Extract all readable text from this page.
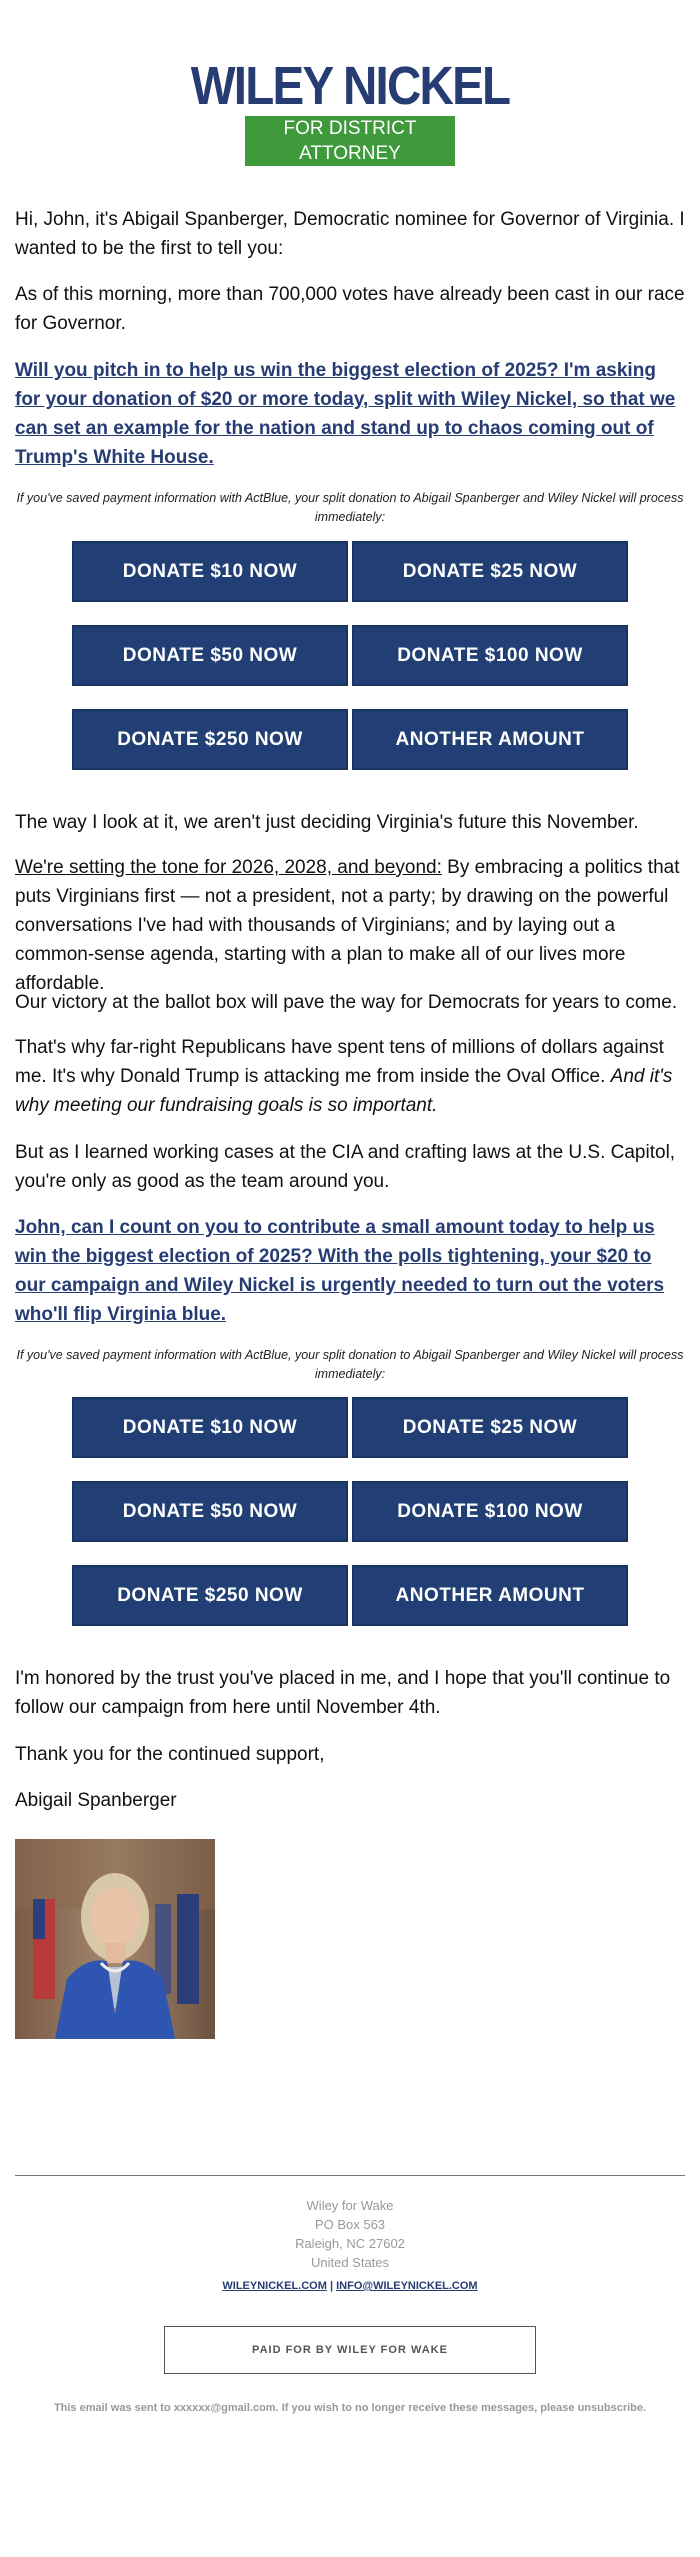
WILEY NICKEL
FOR DISTRICT ATTORNEY

Hi, John, it's Abigail Spanberger, Democratic nominee for Governor of Virginia. I wanted to be the first to tell you:

As of this morning, more than 700,000 votes have already been cast in our race for Governor.

Will you pitch in to help us win the biggest election of 2025? I'm asking for your donation of $20 or more today, split with Wiley Nickel, so that we can set an example for the nation and stand up to chaos coming out of Trump's White House.

If you've saved payment information with ActBlue, your split donation to Abigail Spanberger and Wiley Nickel will process immediately:

DONATE $10 NOW	DONATE $25 NOW
DONATE $50 NOW	DONATE $100 NOW
DONATE $250 NOW	ANOTHER AMOUNT

The way I look at it, we aren't just deciding Virginia's future this November.

We're setting the tone for 2026, 2028, and beyond: By embracing a politics that puts Virginians first — not a president, not a party; by drawing on the powerful conversations I've had with thousands of Virginians; and by laying out a common-sense agenda, starting with a plan to make all of our lives more affordable.

Our victory at the ballot box will pave the way for Democrats for years to come.

That's why far-right Republicans have spent tens of millions of dollars against me. It's why Donald Trump is attacking me from inside the Oval Office. And it's why meeting our fundraising goals is so important.

But as I learned working cases at the CIA and crafting laws at the U.S. Capitol, you're only as good as the team around you.

John, can I count on you to contribute a small amount today to help us win the biggest election of 2025? With the polls tightening, your $20 to our campaign and Wiley Nickel is urgently needed to turn out the voters who'll flip Virginia blue.

If you've saved payment information with ActBlue, your split donation to Abigail Spanberger and Wiley Nickel will process immediately:

DONATE $10 NOW	DONATE $25 NOW
DONATE $50 NOW	DONATE $100 NOW
DONATE $250 NOW	ANOTHER AMOUNT

I'm honored by the trust you've placed in me, and I hope that you'll continue to follow our campaign from here until November 4th.

Thank you for the continued support,

Abigail Spanberger

Wiley for Wake
PO Box 563
Raleigh, NC 27602
United States
WILEYNICKEL.COM | INFO@WILEYNICKEL.COM
PAID FOR BY WILEY FOR WAKE
This email was sent to xxxxxx@gmail.com. If you wish to no longer receive these messages, please unsubscribe.
